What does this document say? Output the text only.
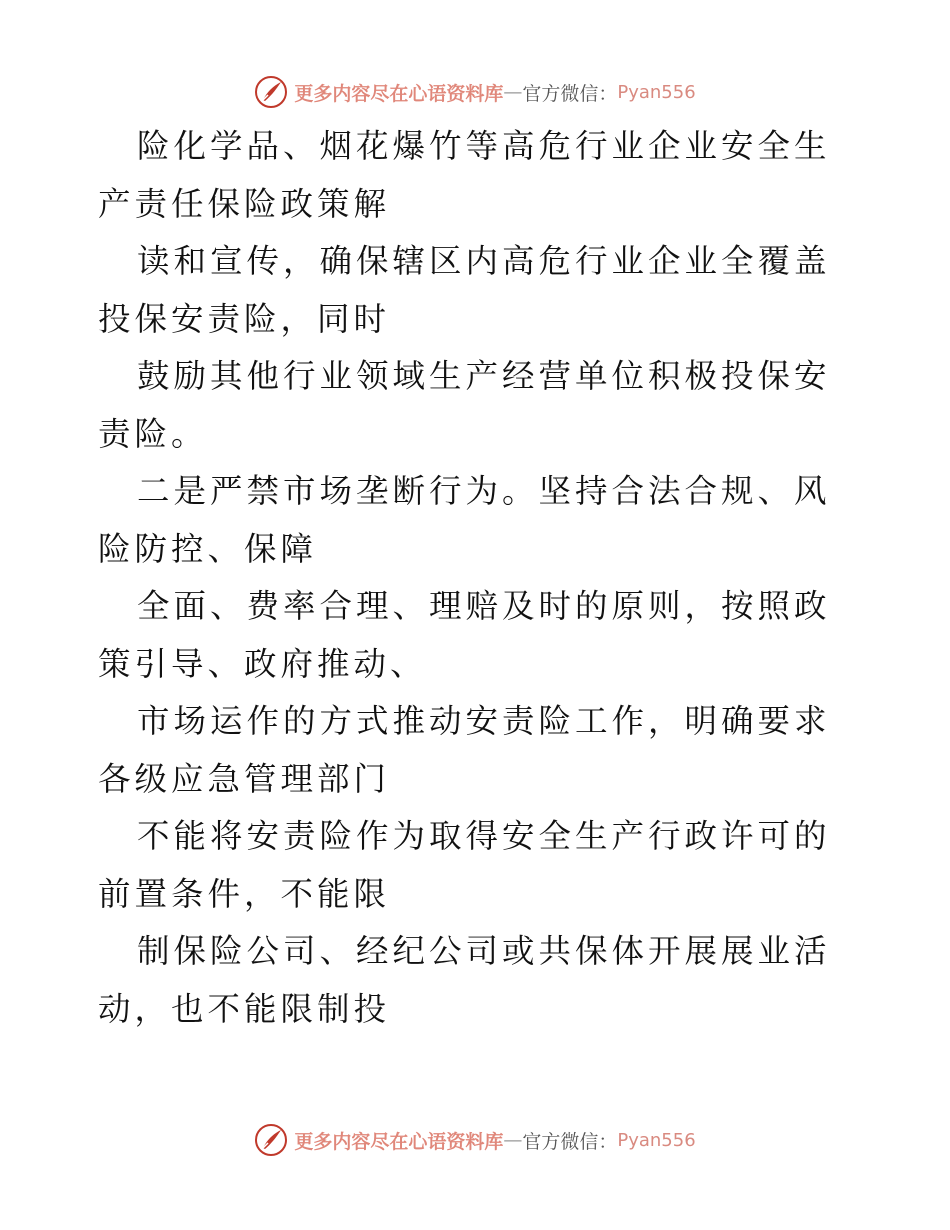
更多内容尽在心语资料库 — 官方微信： Pyan556

险化学品、烟花爆竹等高危行业企业安全生产责任保险政策解

读和宣传，确保辖区内高危行业企业全覆盖投保安责险，同时

鼓励其他行业领域生产经营单位积极投保安责险。

二是严禁市场垄断行为。坚持合法合规、风险防控、保障

全面、费率合理、理赔及时的原则，按照政策引导、政府推动、

市场运作的方式推动安责险工作，明确要求各级应急管理部门

不能将安责险作为取得安全生产行政许可的前置条件，不能限

制保险公司、经纪公司或共保体开展展业活动，也不能限制投

更多内容尽在心语资料库 — 官方微信： Pyan556
